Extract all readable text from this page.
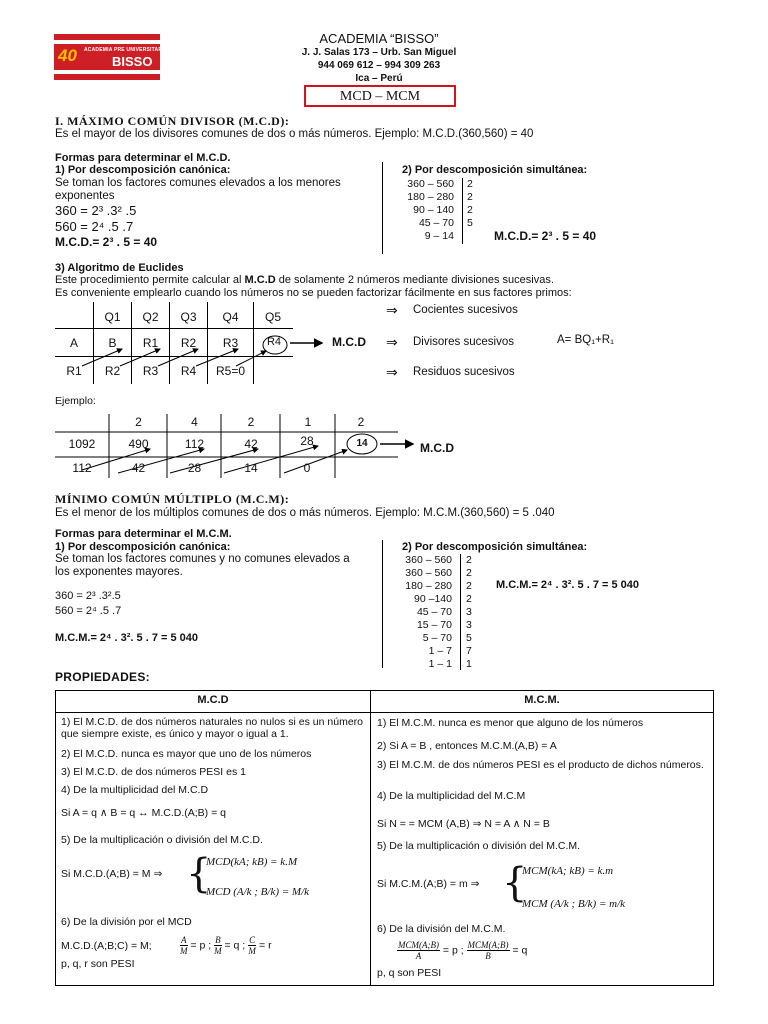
40 ACADEMIA PRE UNIVERSITARIA
BISSO
ACADEMIA “BISSO”
J. J. Salas 173 – Urb. San Miguel
944 069 612 – 994 309 263
Ica – Perú
MCD – MCM
I. MÁXIMO COMÚN DIVISOR (M.C.D):
Es el mayor de los divisores comunes de dos o más números. Ejemplo: M.C.D.(360,560) = 40
Formas para determinar el M.C.D.
1) Por descomposición canónica:
Se toman los factores comunes elevados a los menores
exponentes
360 = 2³ .3² .5
560 = 2⁴ .5 .7
M.C.D.= 2³ . 5 = 40
2) Por descomposición simultánea:
360 – 560 2
180 – 280 2
90 – 140 2
45 – 70 5
9 – 14	M.C.D.= 2³ . 5 = 40
3) Algoritmo de Euclides
Este procedimiento permite calcular al M.C.D de solamente 2 números mediante divisiones sucesivas.
Es conveniente emplearlo cuando los números no se pueden factorizar fácilmente en sus factores primos:
Q1	Q2	Q3	Q4	Q5
A	B	R1	R2	R3	R4
R1	R2	R3	R4	R5=0
M.C.D
⇒ Cocientes sucesivos
⇒ Divisores sucesivos
⇒ Residuos sucesivos
A= BQ₁+R₁
Ejemplo:
2	4	2	1	2
1092	490	112	42	28	14
112	42	28	14	0
M.C.D
MÍNIMO COMÚN MÚLTIPLO (M.C.M):
Es el menor de los múltiplos comunes de dos o más números. Ejemplo: M.C.M.(360,560) = 5 .040
Formas para determinar el M.C.M.
1) Por descomposición canónica:
Se toman los factores comunes y no comunes elevados a
los exponentes mayores.
360 = 2³ .3².5
560 = 2⁴ .5 .7
M.C.M.= 2⁴ . 3². 5 . 7 = 5 040
2) Por descomposición simultánea:
360 – 560 2
360 – 560 2
180 – 280 2
90 –140 2
45 – 70 3
15 – 70 3
5 – 70 5
1 – 7 7
1 – 1 1
M.C.M.= 2⁴ . 3². 5 . 7 = 5 040
PROPIEDADES:
M.C.D	M.C.M.
1) El M.C.D. de dos números naturales no nulos si es un número que siempre existe, es único y mayor o igual a 1.
2) El M.C.D. nunca es mayor que uno de los números
3) El M.C.D. de dos números PESI es 1
4) De la multiplicidad del M.C.D
Si A = q ∧ B = q ↔ M.C.D.(A;B) = q
5) De la multiplicación o división del M.C.D.
Si M.C.D.(A;B) = M ⇒ {
MCD(kA; kB) = k.M
MCD (A/k ; B/k) = M/k
6) De la división por el MCD
M.C.D.(A;B;C) = M;	$\frac{A}{M} = p$ ; $\frac{B}{M} = q$ ; $\frac{C}{M} = r$
p, q, r son PESI
1) El M.C.M. nunca es menor que alguno de los números
2) Si A = B , entonces M.C.M.(A,B) = A
3) El M.C.M. de dos números PESI es el producto de dichos números.
4) De la multiplicidad del M.C.M
Si N = = MCM (A,B) ⇒ N = A ∧ N = B
5) De la multiplicación o división del M.C.M.
Si M.C.M.(A;B) = m ⇒ {
MCM(kA; kB) = k.m
MCM (A/k ; B/k) = m/k
6) De la división del M.C.M.
$\frac{\text{MCM(A;B)}}{A} = p$ ; $\frac{\text{MCM(A;B)}}{B} = q$
p, q son PESI
